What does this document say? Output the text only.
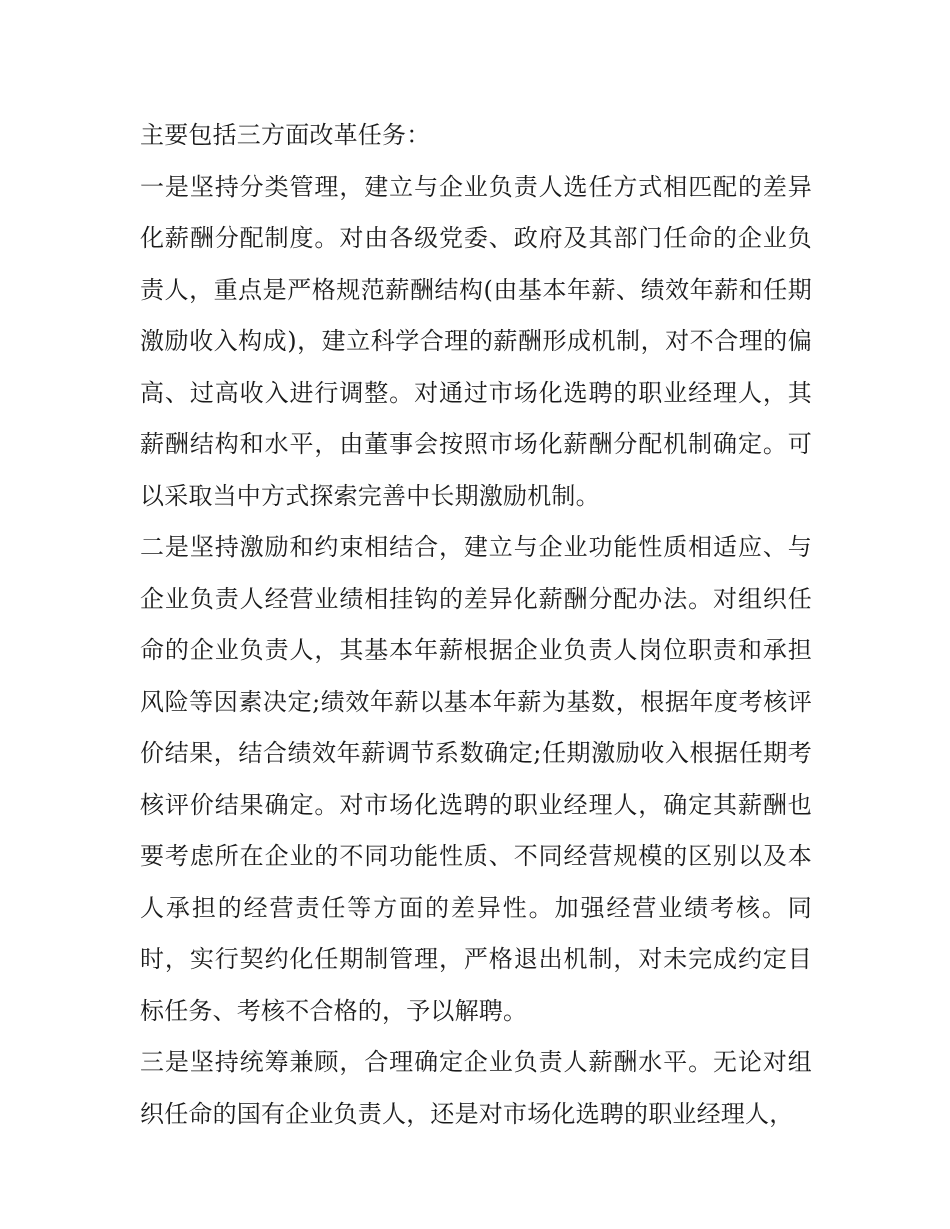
主要包括三方面改革任务：

一是坚持分类管理，建立与企业负责人选任方式相匹配的差异化薪酬分配制度。对由各级党委、政府及其部门任命的企业负责人，重点是严格规范薪酬结构(由基本年薪、绩效年薪和任期激励收入构成)，建立科学合理的薪酬形成机制，对不合理的偏高、过高收入进行调整。对通过市场化选聘的职业经理人，其薪酬结构和水平，由董事会按照市场化薪酬分配机制确定。可以采取当中方式探索完善中长期激励机制。

二是坚持激励和约束相结合，建立与企业功能性质相适应、与企业负责人经营业绩相挂钩的差异化薪酬分配办法。对组织任命的企业负责人，其基本年薪根据企业负责人岗位职责和承担风险等因素决定;绩效年薪以基本年薪为基数，根据年度考核评价结果，结合绩效年薪调节系数确定;任期激励收入根据任期考核评价结果确定。对市场化选聘的职业经理人，确定其薪酬也要考虑所在企业的不同功能性质、不同经营规模的区别以及本人承担的经营责任等方面的差异性。加强经营业绩考核。同时，实行契约化任期制管理，严格退出机制，对未完成约定目标任务、考核不合格的，予以解聘。

三是坚持统筹兼顾，合理确定企业负责人薪酬水平。无论对组织任命的国有企业负责人，还是对市场化选聘的职业经理人，
